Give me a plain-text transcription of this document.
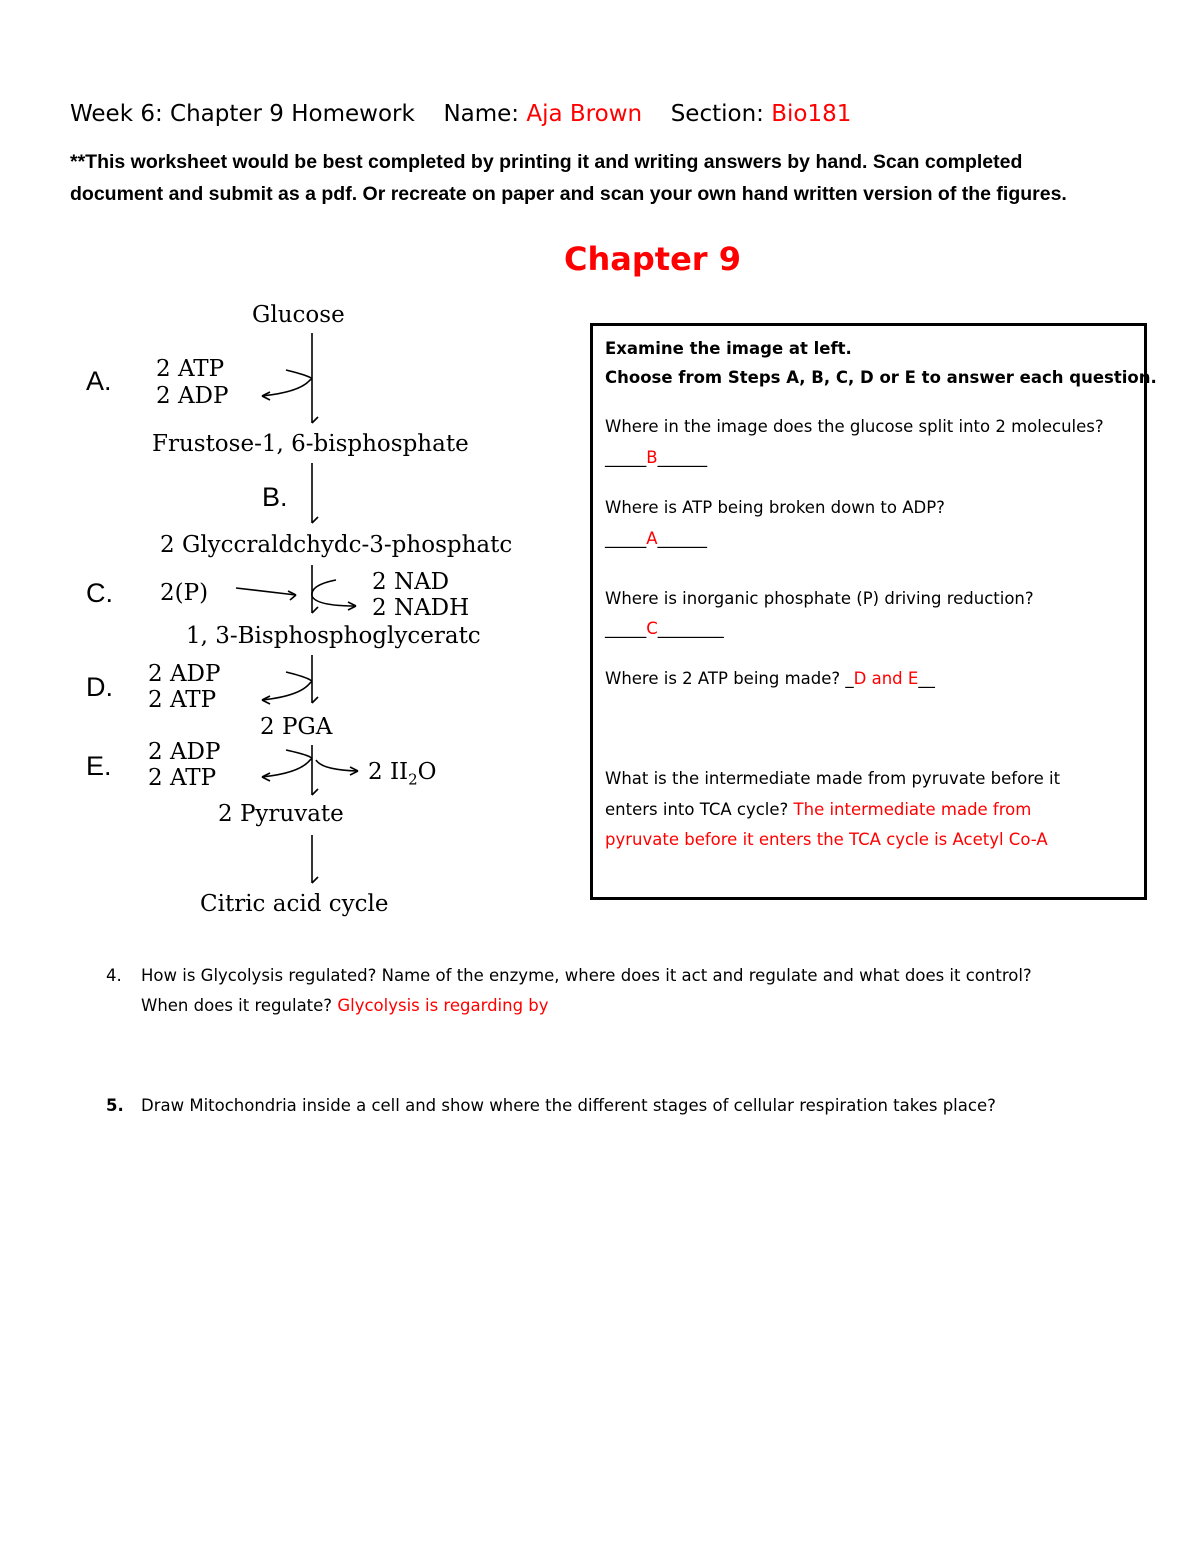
Week 6: Chapter 9 Homework Name: Aja Brown Section: Bio181
**This worksheet would be best completed by printing it and writing answers by hand. Scan completed
document and submit as a pdf. Or recreate on paper and scan your own hand written version of the figures.
Chapter 9
Glucose
A. 2 ATP
2 ADP
Frustose-1, 6-bisphosphate
B.
2 Glyccraldchydc-3-phosphatc
C. 2(P)	2 NAD
2 NADH
1, 3-Bisphosphoglyceratc
D. 2 ADP
2 ATP
2 PGA
E. 2 ADP
2 ATP	2 $II_2O$
2 Pyruvate
Citric acid cycle
Examine the image at left.
Choose from Steps A, B, C, D or E to answer each question.
Where in the image does the glucose split into 2 molecules?
_____B______
Where is ATP being broken down to ADP?
_____A______
Where is inorganic phosphate (P) driving reduction?
_____C________
Where is 2 ATP being made? _D and E__
What is the intermediate made from pyruvate before it
enters into TCA cycle? The intermediate made from
pyruvate before it enters the TCA cycle is Acetyl Co-A
4. How is Glycolysis regulated? Name of the enzyme, where does it act and regulate and what does it control?
When does it regulate? Glycolysis is regarding by
5. Draw Mitochondria inside a cell and show where the different stages of cellular respiration takes place?
